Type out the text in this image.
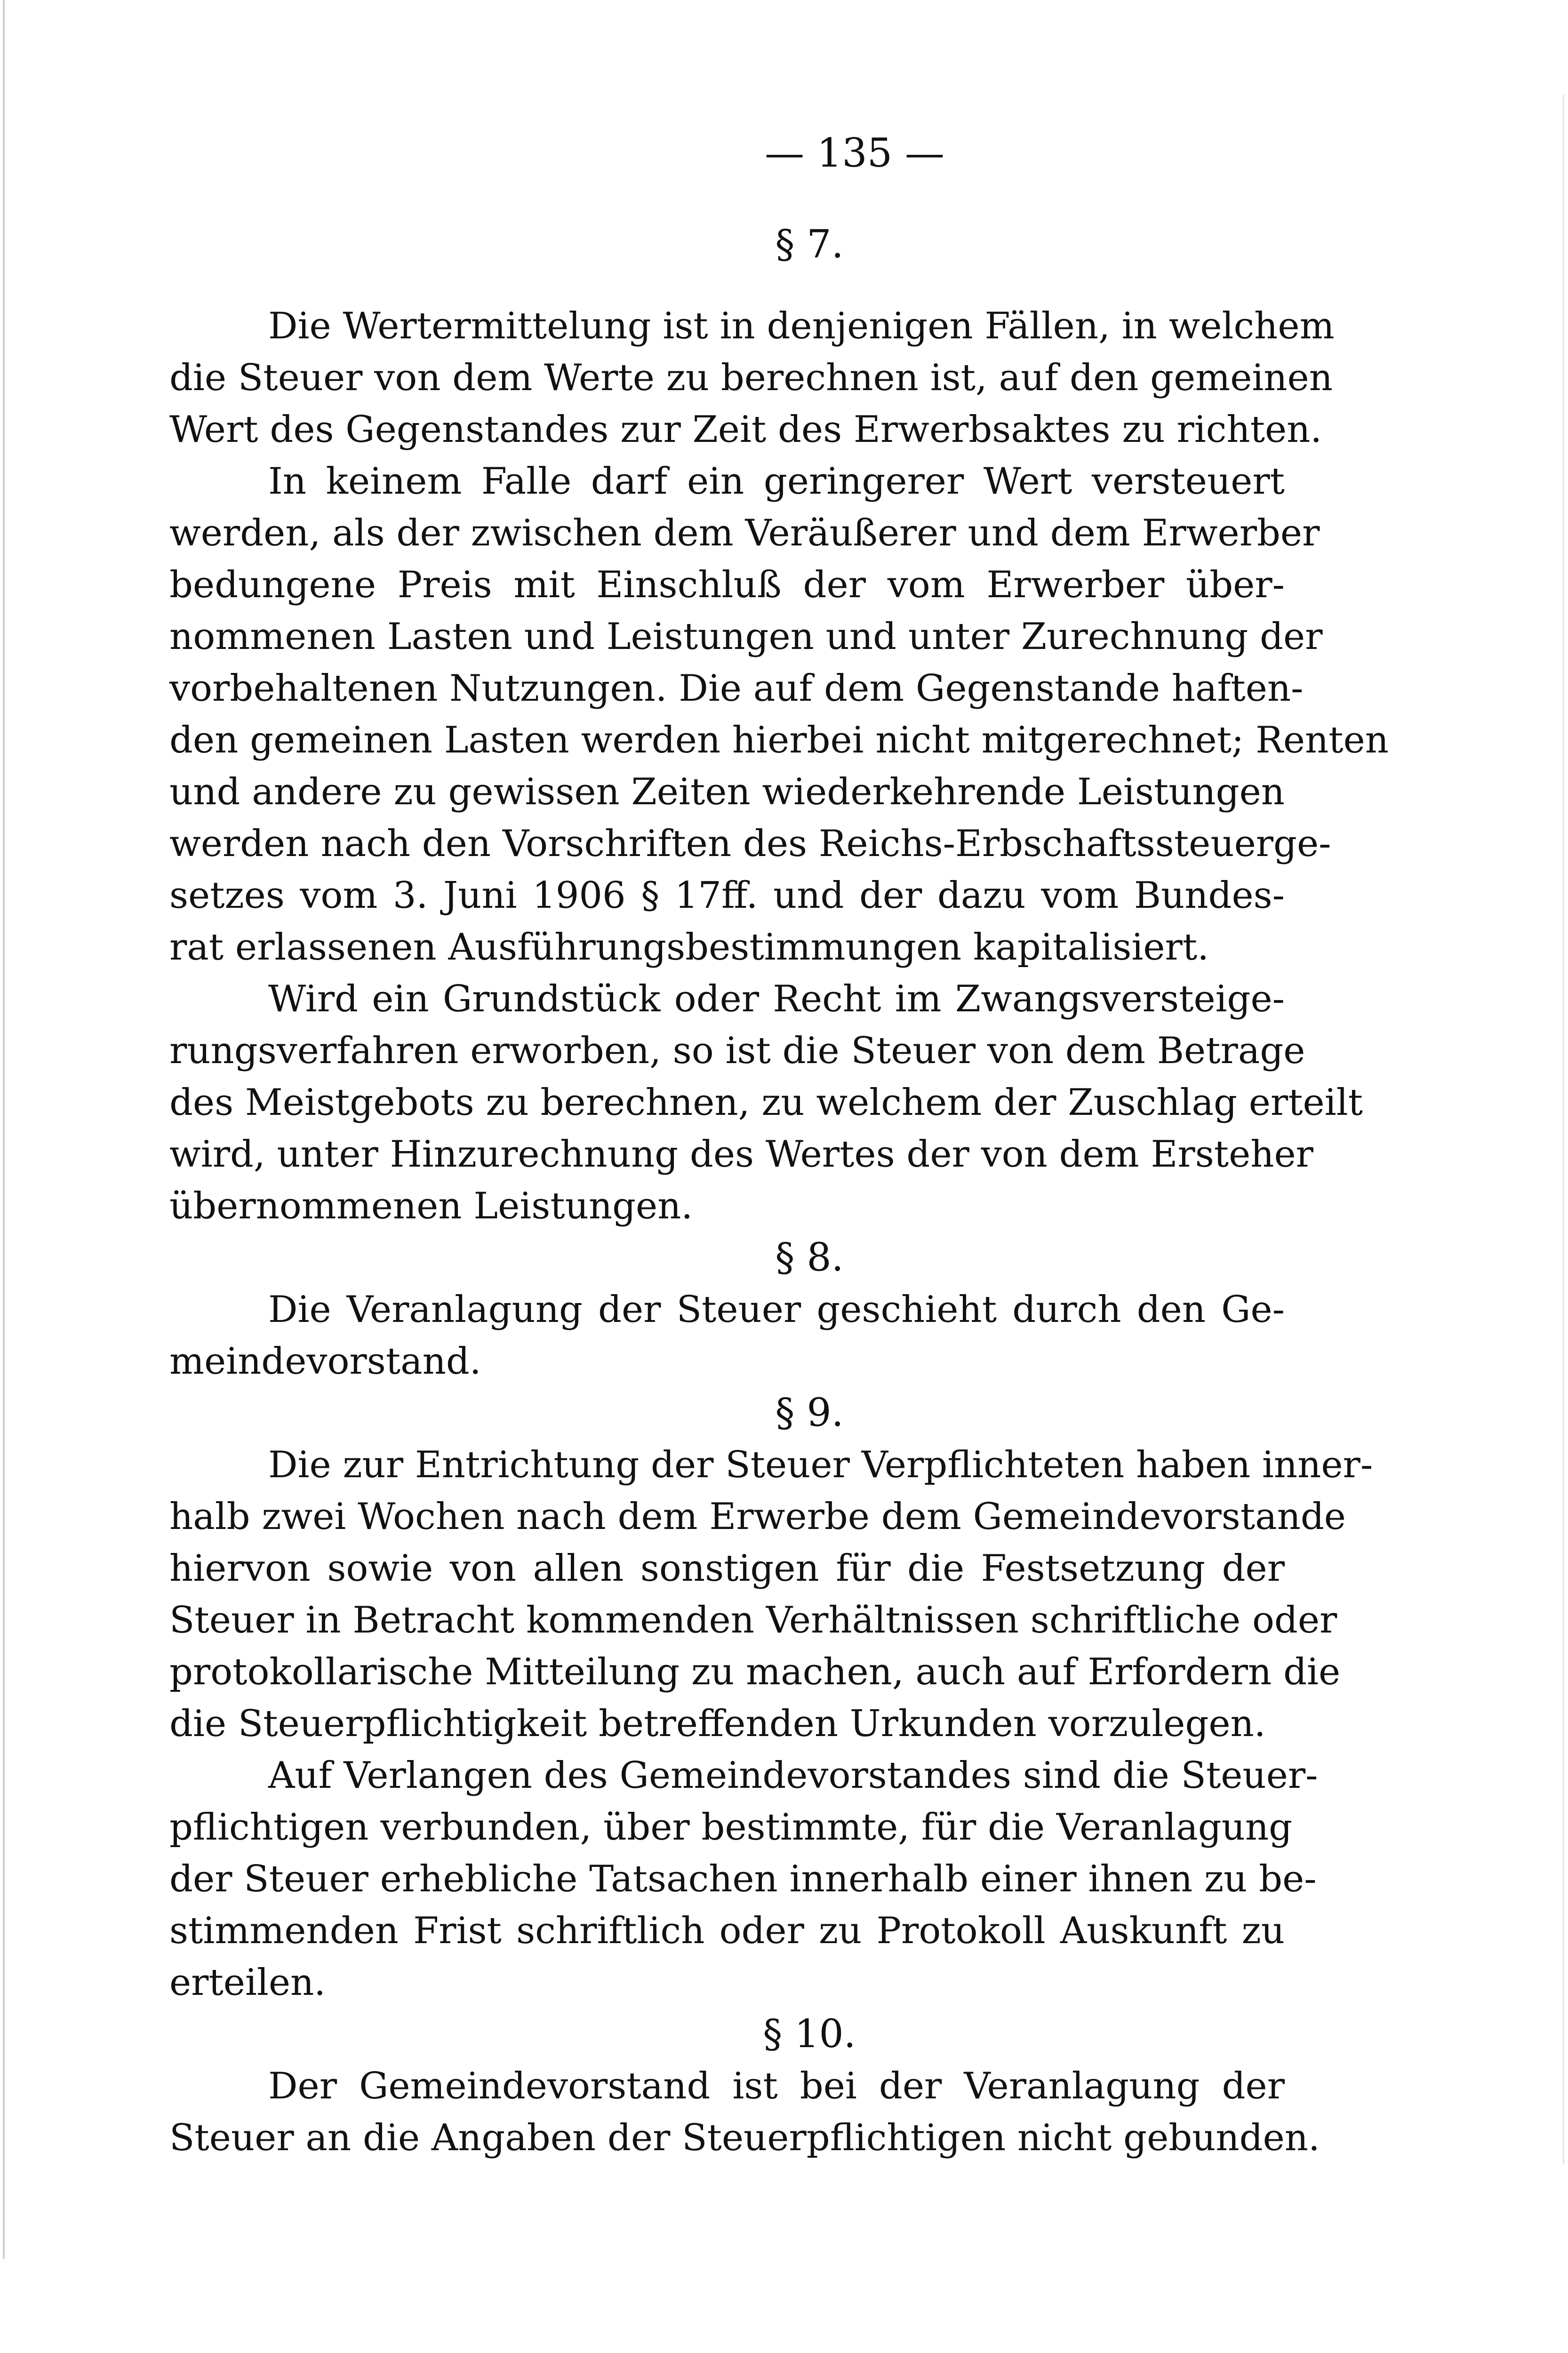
— 135 —
§ 7.
Die Wertermittelung ist in denjenigen Fällen, in welchem
die Steuer von dem Werte zu berechnen ist, auf den gemeinen
Wert des Gegenstandes zur Zeit des Erwerbsaktes zu richten.
In keinem Falle darf ein geringerer Wert versteuert
werden, als der zwischen dem Veräußerer und dem Erwerber
bedungene Preis mit Einschluß der vom Erwerber über-
nommenen Lasten und Leistungen und unter Zurechnung der
vorbehaltenen Nutzungen. Die auf dem Gegenstande haften-
den gemeinen Lasten werden hierbei nicht mitgerechnet; Renten
und andere zu gewissen Zeiten wiederkehrende Leistungen
werden nach den Vorschriften des Reichs-Erbschaftssteuerge-
setzes vom 3. Juni 1906 § 17ff. und der dazu vom Bundes-
rat erlassenen Ausführungsbestimmungen kapitalisiert.
Wird ein Grundstück oder Recht im Zwangsversteige-
rungsverfahren erworben, so ist die Steuer von dem Betrage
des Meistgebots zu berechnen, zu welchem der Zuschlag erteilt
wird, unter Hinzurechnung des Wertes der von dem Ersteher
übernommenen Leistungen.
§ 8.
Die Veranlagung der Steuer geschieht durch den Ge-
meindevorstand.
§ 9.
Die zur Entrichtung der Steuer Verpflichteten haben inner-
halb zwei Wochen nach dem Erwerbe dem Gemeindevorstande
hiervon sowie von allen sonstigen für die Festsetzung der
Steuer in Betracht kommenden Verhältnissen schriftliche oder
protokollarische Mitteilung zu machen, auch auf Erfordern die
die Steuerpflichtigkeit betreffenden Urkunden vorzulegen.
Auf Verlangen des Gemeindevorstandes sind die Steuer-
pflichtigen verbunden, über bestimmte, für die Veranlagung
der Steuer erhebliche Tatsachen innerhalb einer ihnen zu be-
stimmenden Frist schriftlich oder zu Protokoll Auskunft zu
erteilen.
§ 10.
Der Gemeindevorstand ist bei der Veranlagung der
Steuer an die Angaben der Steuerpflichtigen nicht gebunden.
